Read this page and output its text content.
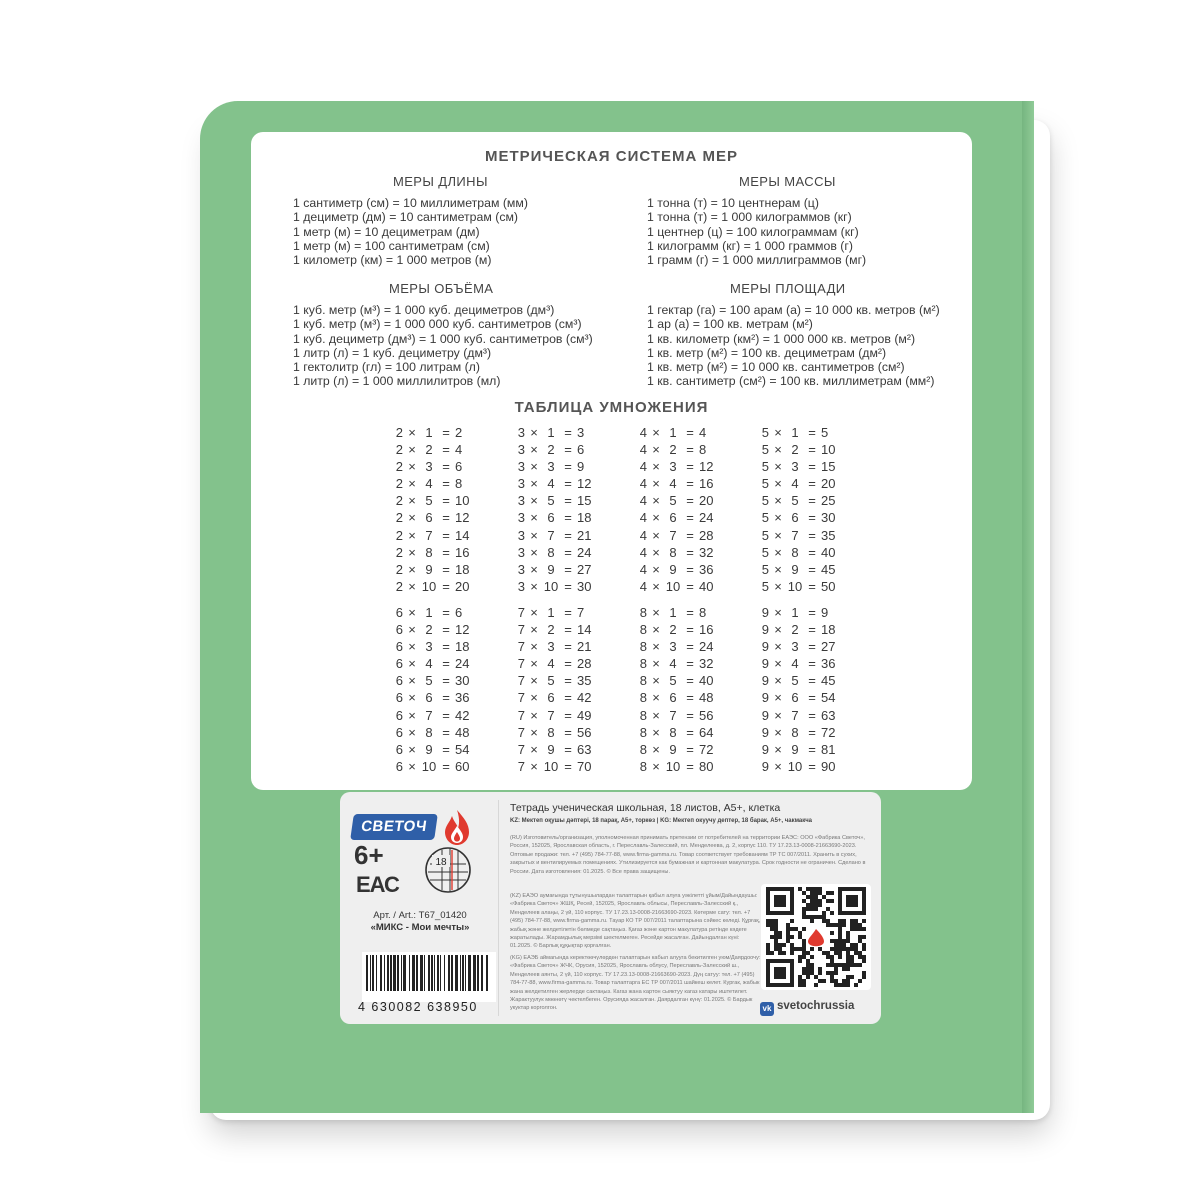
МЕТРИЧЕСКАЯ СИСТЕМА МЕР
МЕРЫ ДЛИНЫ
1 сантиметр (см) = 10 миллиметрам (мм)
1 дециметр (дм) = 10 сантиметрам (см)
1 метр (м) = 10 дециметрам (дм)
1 метр (м) = 100 сантиметрам (см)
1 километр (км) = 1 000 метров (м)
МЕРЫ МАССЫ
1 тонна (т) = 10 центнерам (ц)
1 тонна (т) = 1 000 килограммов (кг)
1 центнер (ц) = 100 килограммам (кг)
1 килограмм (кг) = 1 000 граммов (г)
1 грамм (г) = 1 000 миллиграммов (мг)
МЕРЫ ОБЪЁМА
1 куб. метр (м³) = 1 000 куб. дециметров (дм³)
1 куб. метр (м³) = 1 000 000 куб. сантиметров (см³)
1 куб. дециметр (дм³) = 1 000 куб. сантиметров (см³)
1 литр (л) = 1 куб. дециметру (дм³)
1 гектолитр (гл) = 100 литрам (л)
1 литр (л) = 1 000 миллилитров (мл)
МЕРЫ ПЛОЩАДИ
1 гектар (га) = 100 арам (а) = 10 000 кв. метров (м²)
1 ар (а) = 100 кв. метрам (м²)
1 кв. километр (км²) = 1 000 000 кв. метров (м²)
1 кв. метр (м²) = 100 кв. дециметрам (дм²)
1 кв. метр (м²) = 10 000 кв. сантиметров (см²)
1 кв. сантиметр (см²) = 100 кв. миллиметрам (мм²)
ТАБЛИЦА УМНОЖЕНИЯ
2 × 1 = 2
2 × 2 = 4
2 × 3 = 6
2 × 4 = 8
2 × 5 = 10
2 × 6 = 12
2 × 7 = 14
2 × 8 = 16
2 × 9 = 18
2 × 10 = 20
3 × 1 = 3
3 × 2 = 6
3 × 3 = 9
3 × 4 = 12
3 × 5 = 15
3 × 6 = 18
3 × 7 = 21
3 × 8 = 24
3 × 9 = 27
3 × 10 = 30
4 × 1 = 4
4 × 2 = 8
4 × 3 = 12
4 × 4 = 16
4 × 5 = 20
4 × 6 = 24
4 × 7 = 28
4 × 8 = 32
4 × 9 = 36
4 × 10 = 40
5 × 1 = 5
5 × 2 = 10
5 × 3 = 15
5 × 4 = 20
5 × 5 = 25
5 × 6 = 30
5 × 7 = 35
5 × 8 = 40
5 × 9 = 45
5 × 10 = 50
6 × 1 = 6
6 × 2 = 12
6 × 3 = 18
6 × 4 = 24
6 × 5 = 30
6 × 6 = 36
6 × 7 = 42
6 × 8 = 48
6 × 9 = 54
6 × 10 = 60
7 × 1 = 7
7 × 2 = 14
7 × 3 = 21
7 × 4 = 28
7 × 5 = 35
7 × 6 = 42
7 × 7 = 49
7 × 8 = 56
7 × 9 = 63
7 × 10 = 70
8 × 1 = 8
8 × 2 = 16
8 × 3 = 24
8 × 4 = 32
8 × 5 = 40
8 × 6 = 48
8 × 7 = 56
8 × 8 = 64
8 × 9 = 72
8 × 10 = 80
9 × 1 = 9
9 × 2 = 18
9 × 3 = 27
9 × 4 = 36
9 × 5 = 45
9 × 6 = 54
9 × 7 = 63
9 × 8 = 72
9 × 9 = 81
9 × 10 = 90
СВЕТОЧ
6+
ЕАС
18
Арт. / Art.: Т67_01420
«МИКС - Мои мечты»
4 630082 638950
Тетрадь ученическая школьная, 18 листов, А5+, клетка
KZ: Мектеп оқушы дәптері, 18 парақ, А5+, торкөз | KG: Мектеп окуучу дептер, 18 барак, А5+, чакмакча
(RU) Изготовитель/организация, уполномоченная принимать претензии от потребителей на территории ЕАЭС: ООО «Фабрика Светоч», Россия, 152025, Ярославская область, г. Переславль-Залесский, пл. Менделеева, д. 2, корпус 110. ТУ 17.23.13-0008-21663690-2023. Оптовые продажи: тел. +7 (495) 784-77-88, www.firma-gamma.ru. Товар соответствует требованиям ТР ТС 007/2011. Хранить в сухих, закрытых и вентилируемых помещениях. Утилизируется как бумажная и картонная макулатура. Срок годности не ограничен. Сделано в России. Дата изготовления: 01.2025. © Все права защищены.
(KZ) ЕАЭО аумағында тұтынушылардан талаптарын қабыл алуға уәкілетті ұйым/Дайындаушы: «Фабрика Светоч» ЖШҚ, Ресей, 152025, Ярославль облысы, Переславль-Залесский қ., Менделеев алаңы, 2 үй, 110 корпус. ТУ 17.23.13-0008-21663690-2023. Көтерме сату: тел. +7 (495) 784-77-88, www.firma-gamma.ru. Тауар КО ТР 007/2011 талаптарына сәйкес келеді. Құрғақ, жабық және желдетілетін бөлмеде сақтаңыз. Қағаз және картон макулатура ретінде кәдеге жаратылады. Жарамдылық мерзімі шектелмеген. Ресейде жасалған. Дайындалған күні: 01.2025. © Барлық құқықтар қорғалған.
(KG) ЕАЭБ аймагында керектөөчүлөрдөн талаптарын кабыл алууга бекитилген уюм/Даярдоочу: «Фабрика Светоч» ЖЧК, Орусия, 152025, Ярославль облусу, Переславль-Залесский ш., Менделеев аянты, 2 үй, 110 корпус. ТУ 17.23.13-0008-21663690-2023. Дүң сатуу: тел. +7 (495) 784-77-88, www.firma-gamma.ru. Товар талаптарга ЕС ТР 007/2011 шайкеш келет. Кургак, жабык жана желдетилген жерлерде сактаңыз. Кагаз жана картон сыяктуу кагаз катары иштетилет. Жарактуулук мөөнөтү чектелбеген. Орусияда жасалган. Даярдалган күнү: 01.2025. © Бардык укуктар корголгон.	vk svetochrussia
